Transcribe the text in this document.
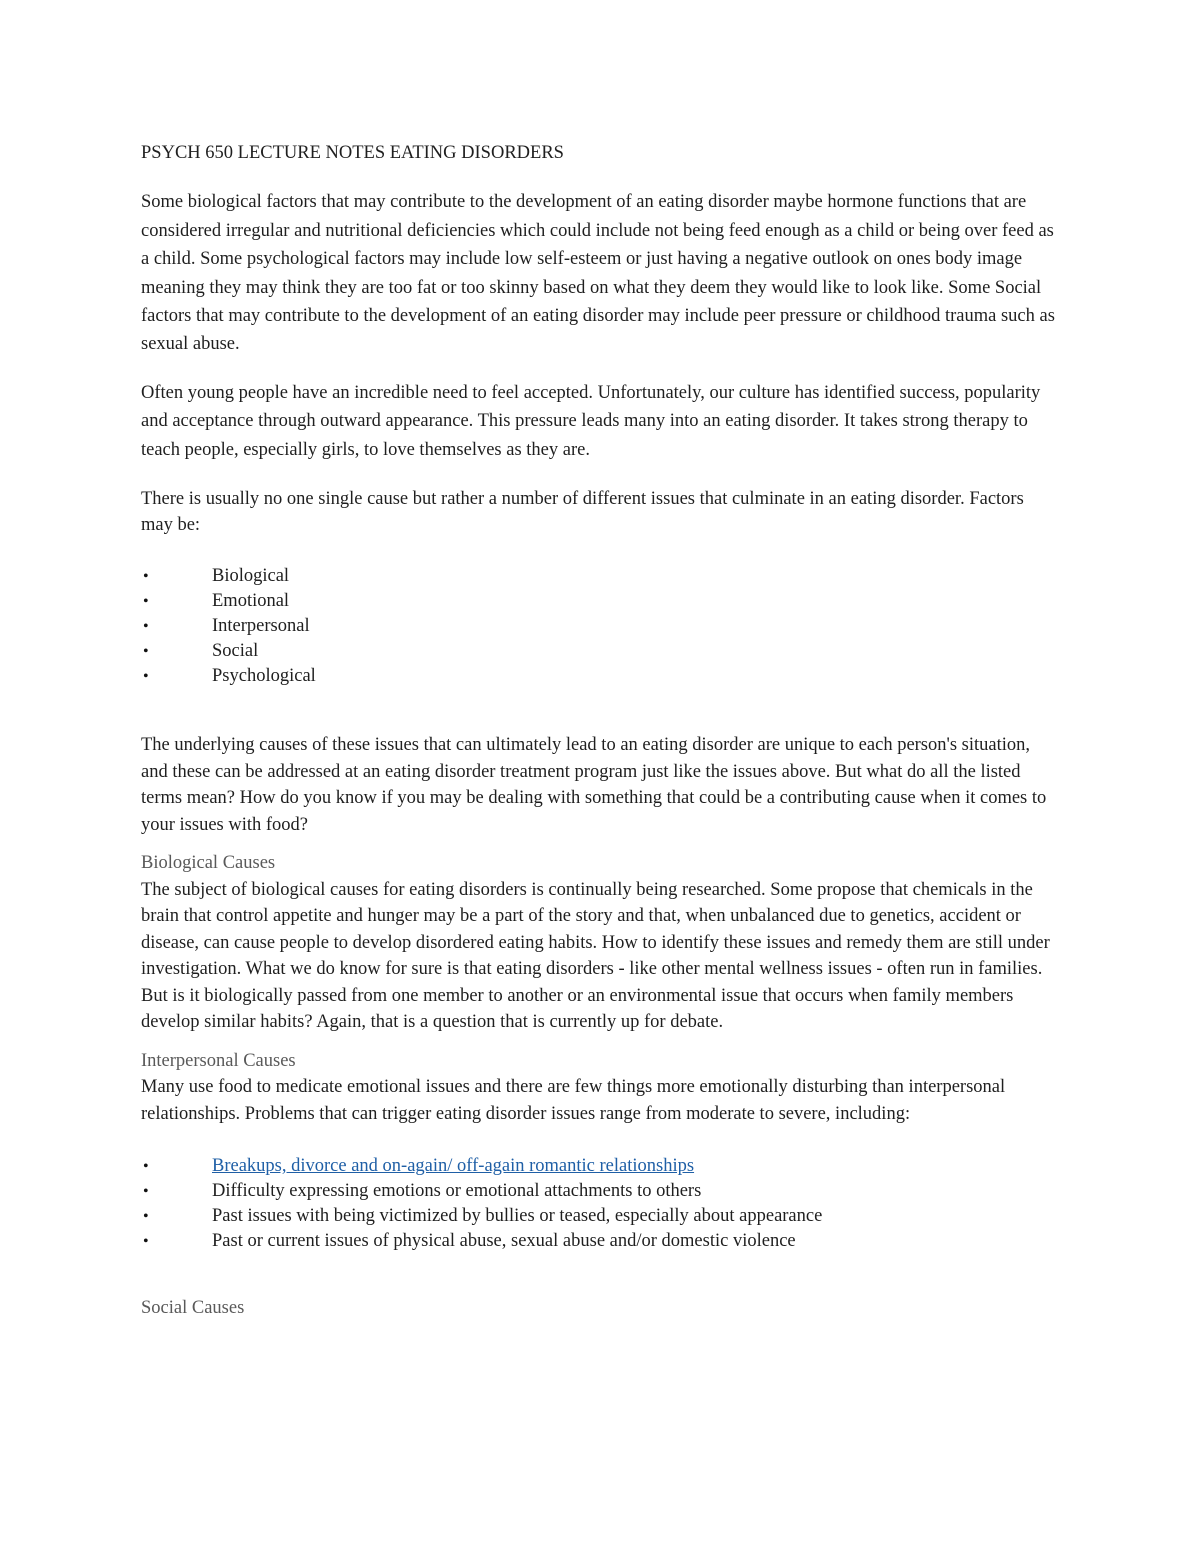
PSYCH 650 LECTURE NOTES EATING DISORDERS

Some biological factors that may contribute to the development of an eating disorder maybe hormone functions that are considered irregular and nutritional deficiencies which could include not being feed enough as a child or being over feed as a child. Some psychological factors may include low self-esteem or just having a negative outlook on ones body image meaning they may think they are too fat or too skinny based on what they deem they would like to look like. Some Social factors that may contribute to the development of an eating disorder may include peer pressure or childhood trauma such as sexual abuse.

Often young people have an incredible need to feel accepted. Unfortunately, our culture has identified success, popularity and acceptance through outward appearance. This pressure leads many into an eating disorder. It takes strong therapy to teach people, especially girls, to love themselves as they are.

There is usually no one single cause but rather a number of different issues that culminate in an eating disorder. Factors may be:

•	Biological
•	Emotional
•	Interpersonal
•	Social
•	Psychological

The underlying causes of these issues that can ultimately lead to an eating disorder are unique to each person's situation, and these can be addressed at an eating disorder treatment program just like the issues above. But what do all the listed terms mean? How do you know if you may be dealing with something that could be a contributing cause when it comes to your issues with food?

Biological Causes

The subject of biological causes for eating disorders is continually being researched. Some propose that chemicals in the brain that control appetite and hunger may be a part of the story and that, when unbalanced due to genetics, accident or disease, can cause people to develop disordered eating habits. How to identify these issues and remedy them are still under investigation. What we do know for sure is that eating disorders - like other mental wellness issues - often run in families. But is it biologically passed from one member to another or an environmental issue that occurs when family members develop similar habits? Again, that is a question that is currently up for debate.

Interpersonal Causes

Many use food to medicate emotional issues and there are few things more emotionally disturbing than interpersonal relationships. Problems that can trigger eating disorder issues range from moderate to severe, including:

•	Breakups, divorce and on-again/ off-again romantic relationships
•	Difficulty expressing emotions or emotional attachments to others
•	Past issues with being victimized by bullies or teased, especially about appearance
•	Past or current issues of physical abuse, sexual abuse and/or domestic violence
Social Causes
